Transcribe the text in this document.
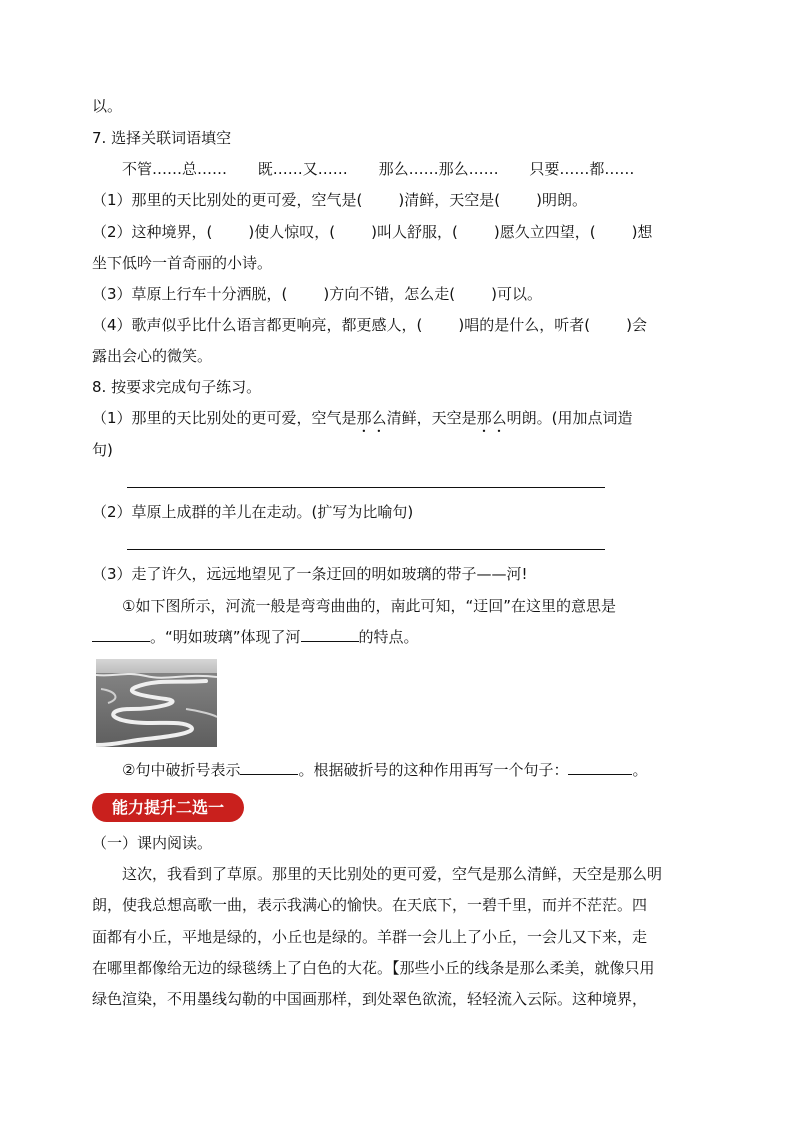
以。
7. 选择关联词语填空
不管……总…… 既……又…… 那么……那么…… 只要……都……
（1）那里的天比别处的更可爱，空气是( )清鲜，天空是( )明朗。
（2）这种境界，( )使人惊叹，( )叫人舒服，( )愿久立四望，( )想
坐下低吟一首奇丽的小诗。
（3）草原上行车十分洒脱，( )方向不错，怎么走( )可以。
（4）歌声似乎比什么语言都更响亮，都更感人，( )唱的是什么，听者( )会
露出会心的微笑。
8. 按要求完成句子练习。
（1）那里的天比别处的更可爱，空气是那么清鲜，天空是那么明朗。(用加点词造
句)
（2）草原上成群的羊儿在走动。(扩写为比喻句)
（3）走了许久，远远地望见了一条迂回的明如玻璃的带子——河!
①如下图所示，河流一般是弯弯曲曲的，南此可知，“迂回”在这里的意思是
。“明如玻璃”体现了河	的特点。
②句中破折号表示	。根据破折号的这种作用再写一个句子：	。
能力提升二选一
（一）课内阅读。
这次，我看到了草原。那里的天比别处的更可爱，空气是那么清鲜，天空是那么明
朗，使我总想高歌一曲，表示我满心的愉快。在天底下，一碧千里，而并不茫茫。四
面都有小丘，平地是绿的，小丘也是绿的。羊群一会儿上了小丘，一会儿又下来，走
在哪里都像给无边的绿毯绣上了白色的大花。【那些小丘的线条是那么柔美，就像只用
绿色渲染，不用墨线勾勒的中国画那样，到处翠色欲流，轻轻流入云际。这种境界，
